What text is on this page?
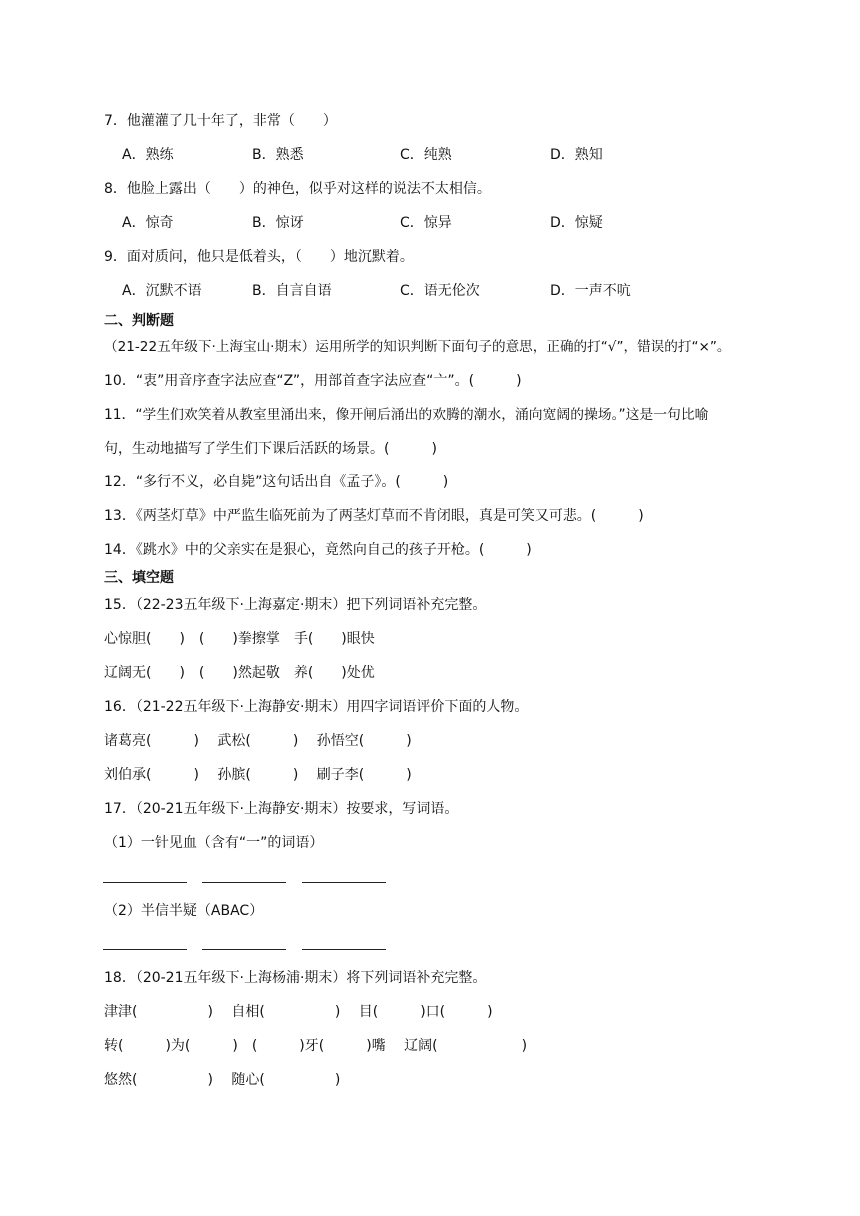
7．他灌灌了几十年了，非常（　　）
A．熟练	B．熟悉	C．纯熟	D．熟知
8．他脸上露出（　　）的神色，似乎对这样的说法不太相信。
A．惊奇	B．惊讶	C．惊异	D．惊疑
9．面对质问，他只是低着头，（　　）地沉默着。
A．沉默不语	B．自言自语	C．语无伦次	D．一声不吭
二、判断题
（21-22五年级下·上海宝山·期末）运用所学的知识判断下面句子的意思，正确的打“√”，错误的打“×”。
10．“衷”用音序查字法应查“Z”，用部首查字法应查“亠”。(　　　)
11．“学生们欢笑着从教室里涌出来，像开闸后涌出的欢腾的潮水，涌向宽阔的操场。”这是一句比喻
句，生动地描写了学生们下课后活跃的场景。(　　　)
12．“多行不义，必自毙”这句话出自《孟子》。(　　　)
13．《两茎灯草》中严监生临死前为了两茎灯草而不肯闭眼，真是可笑又可悲。(　　　)
14．《跳水》中的父亲实在是狠心，竟然向自己的孩子开枪。(　　　)
三、填空题
15．（22-23五年级下·上海嘉定·期末）把下列词语补充完整。
心惊胆(　　)　(　　)拳擦掌　手(　　)眼快
辽阔无(　　)　(　　)然起敬　养(　　)处优
16．（21-22五年级下·上海静安·期末）用四字词语评价下面的人物。
诸葛亮(　　　)　 武松(　　　)　 孙悟空(　　　)
刘伯承(　　　)　 孙膑(　　　)　 刷子李(　　　)
17．（20-21五年级下·上海静安·期末）按要求，写词语。
（1）一针见血（含有“一”的词语）
（2）半信半疑（ABAC）
18．（20-21五年级下·上海杨浦·期末）将下列词语补充完整。
津津(　　　　　)　 自相(　　　　　)　 目(　　　)口(　　　)
转(　　　)为(　　　)　(　　　)牙(　　　)嘴　 辽阔(　　　　　　)
悠然(　　　　　)　 随心(　　　　　)
